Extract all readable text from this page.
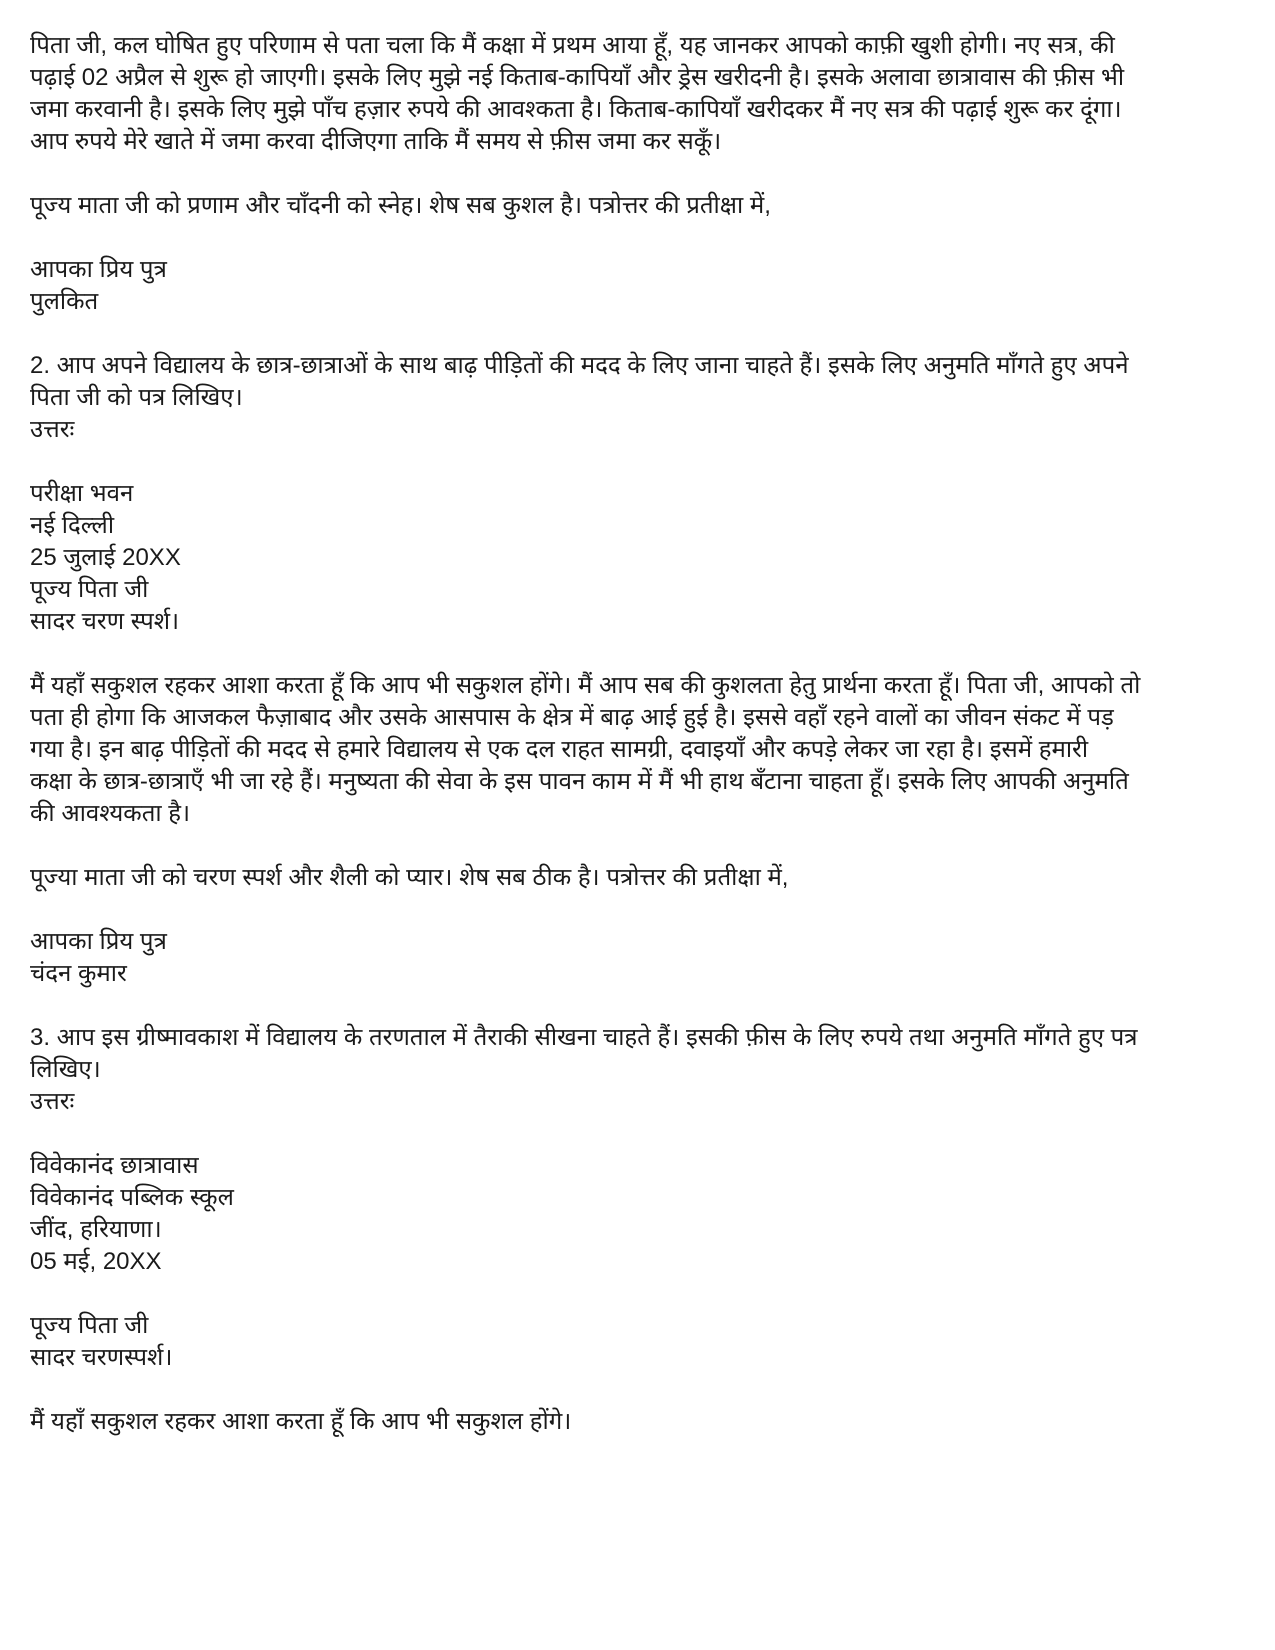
पिता जी, कल घोषित हुए परिणाम से पता चला कि मैं कक्षा में प्रथम आया हूँ, यह जानकर आपको काफ़ी खुशी होगी। नए सत्र, की

पढ़ाई 02 अप्रैल से शुरू हो जाएगी। इसके लिए मुझे नई किताब-कापियाँ और ड्रेस खरीदनी है। इसके अलावा छात्रावास की फ़ीस भी

जमा करवानी है। इसके लिए मुझे पाँच हज़ार रुपये की आवश्कता है। किताब-कापियाँ खरीदकर मैं नए सत्र की पढ़ाई शुरू कर दूंगा।

आप रुपये मेरे खाते में जमा करवा दीजिएगा ताकि मैं समय से फ़ीस जमा कर सकूँ।

पूज्य माता जी को प्रणाम और चाँदनी को स्नेह। शेष सब कुशल है। पत्रोत्तर की प्रतीक्षा में,

आपका प्रिय पुत्र

पुलकित

2. आप अपने विद्यालय के छात्र-छात्राओं के साथ बाढ़ पीड़ितों की मदद के लिए जाना चाहते हैं। इसके लिए अनुमति माँगते हुए अपने

पिता जी को पत्र लिखिए।

उत्तरः

परीक्षा भवन

नई दिल्ली

25 जुलाई 20XX

पूज्य पिता जी

सादर चरण स्पर्श।

मैं यहाँ सकुशल रहकर आशा करता हूँ कि आप भी सकुशल होंगे। मैं आप सब की कुशलता हेतु प्रार्थना करता हूँ। पिता जी, आपको तो

पता ही होगा कि आजकल फैज़ाबाद और उसके आसपास के क्षेत्र में बाढ़ आई हुई है। इससे वहाँ रहने वालों का जीवन संकट में पड़

गया है। इन बाढ़ पीड़ितों की मदद से हमारे विद्यालय से एक दल राहत सामग्री, दवाइयाँ और कपड़े लेकर जा रहा है। इसमें हमारी

कक्षा के छात्र-छात्राएँ भी जा रहे हैं। मनुष्यता की सेवा के इस पावन काम में मैं भी हाथ बँटाना चाहता हूँ। इसके लिए आपकी अनुमति

की आवश्यकता है।

पूज्या माता जी को चरण स्पर्श और शैली को प्यार। शेष सब ठीक है। पत्रोत्तर की प्रतीक्षा में,

आपका प्रिय पुत्र

चंदन कुमार

3. आप इस ग्रीष्मावकाश में विद्यालय के तरणताल में तैराकी सीखना चाहते हैं। इसकी फ़ीस के लिए रुपये तथा अनुमति माँगते हुए पत्र

लिखिए।

उत्तरः

विवेकानंद छात्रावास

विवेकानंद पब्लिक स्कूल

जींद, हरियाणा।

05 मई, 20XX

पूज्य पिता जी

सादर चरणस्पर्श।

मैं यहाँ सकुशल रहकर आशा करता हूँ कि आप भी सकुशल होंगे।
